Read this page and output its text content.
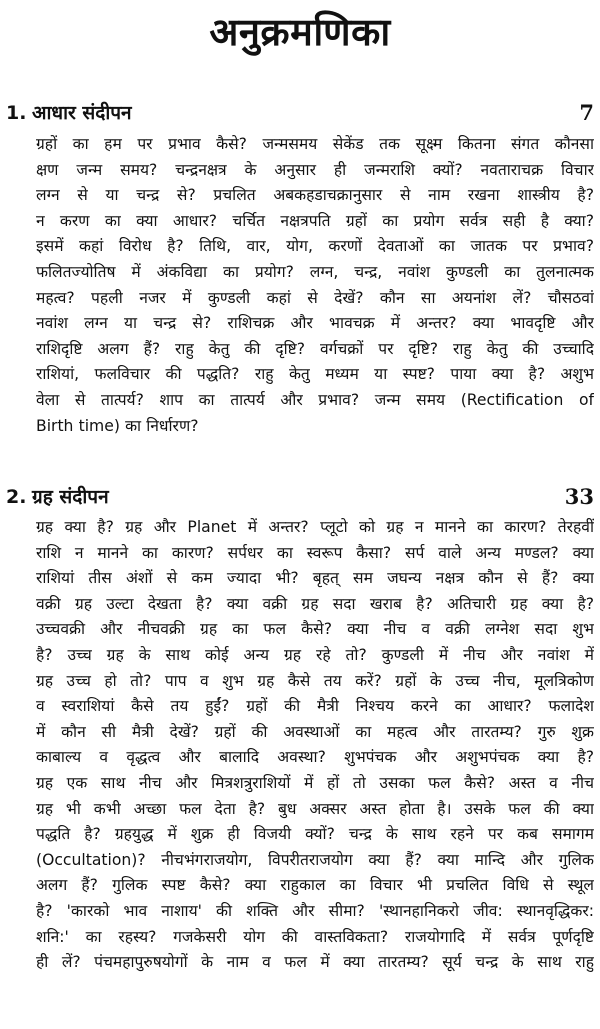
अनुक्रमणिका
1. आधार संदीपन	7
ग्रहों का हम पर प्रभाव कैसे? जन्मसमय सेकेंड तक सूक्ष्म कितना संगत कौनसा
क्षण जन्म समय? चन्द्रनक्षत्र के अनुसार ही जन्मराशि क्यों? नवताराचक्र विचार
लग्न से या चन्द्र से? प्रचलित अबकहडाचक्रानुसार से नाम रखना शास्त्रीय है?
न करण का क्या आधार? चर्चित नक्षत्रपति ग्रहों का प्रयोग सर्वत्र सही है क्या?
इसमें कहां विरोध है? तिथि, वार, योग, करणों देवताओं का जातक पर प्रभाव?
फलितज्योतिष में अंकविद्या का प्रयोग? लग्न, चन्द्र, नवांश कुण्डली का तुलनात्मक
महत्व? पहली नजर में कुण्डली कहां से देखें? कौन सा अयनांश लें? चौसठवां
नवांश लग्न या चन्द्र से? राशिचक्र और भावचक्र में अन्तर? क्या भावदृष्टि और
राशिदृष्टि अलग हैं? राहु केतु की दृष्टि? वर्गचक्रों पर दृष्टि? राहु केतु की उच्चादि
राशियां, फलविचार की पद्धति? राहु केतु मध्यम या स्पष्ट? पाया क्या है? अशुभ
वेला से तात्पर्य? शाप का तात्पर्य और प्रभाव? जन्म समय (Rectification of
Birth time) का निर्धारण?
2. ग्रह संदीपन	33
ग्रह क्या है? ग्रह और Planet में अन्तर? प्लूटो को ग्रह न मानने का कारण? तेरहवीं
राशि न मानने का कारण? सर्पधर का स्वरूप कैसा? सर्प वाले अन्य मण्डल? क्या
राशियां तीस अंशों से कम ज्यादा भी? बृहत् सम जघन्य नक्षत्र कौन से हैं? क्या
वक्री ग्रह उल्टा देखता है? क्या वक्री ग्रह सदा खराब है? अतिचारी ग्रह क्या है?
उच्चवक्री और नीचवक्री ग्रह का फल कैसे? क्या नीच व वक्री लग्नेश सदा शुभ
है? उच्च ग्रह के साथ कोई अन्य ग्रह रहे तो? कुण्डली में नीच और नवांश में
ग्रह उच्च हो तो? पाप व शुभ ग्रह कैसे तय करें? ग्रहों के उच्च नीच, मूलत्रिकोण
व स्वराशियां कैसे तय हुईं? ग्रहों की मैत्री निश्चय करने का आधार? फलादेश
में कौन सी मैत्री देखें? ग्रहों की अवस्थाओं का महत्व और तारतम्य? गुरु शुक्र
काबाल्य व वृद्धत्व और बालादि अवस्था? शुभपंचक और अशुभपंचक क्या है?
ग्रह एक साथ नीच और मित्रशत्रुराशियों में हों तो उसका फल कैसे? अस्त व नीच
ग्रह भी कभी अच्छा फल देता है? बुध अक्सर अस्त होता है। उसके फल की क्या
पद्धति है? ग्रहयुद्ध में शुक्र ही विजयी क्यों? चन्द्र के साथ रहने पर कब समागम
(Occultation)? नीचभंगराजयोग, विपरीतराजयोग क्या हैं? क्या मान्दि और गुलिक
अलग हैं? गुलिक स्पष्ट कैसे? क्या राहुकाल का विचार भी प्रचलित विधि से स्थूल
है? 'कारको भाव नाशाय' की शक्ति और सीमा? 'स्थानहानिकरो जीव: स्थानवृद्धिकर:
शनि:' का रहस्य? गजकेसरी योग की वास्तविकता? राजयोगादि में सर्वत्र पूर्णदृष्टि
ही लें? पंचमहापुरुषयोगों के नाम व फल में क्या तारतम्य? सूर्य चन्द्र के साथ राहु
